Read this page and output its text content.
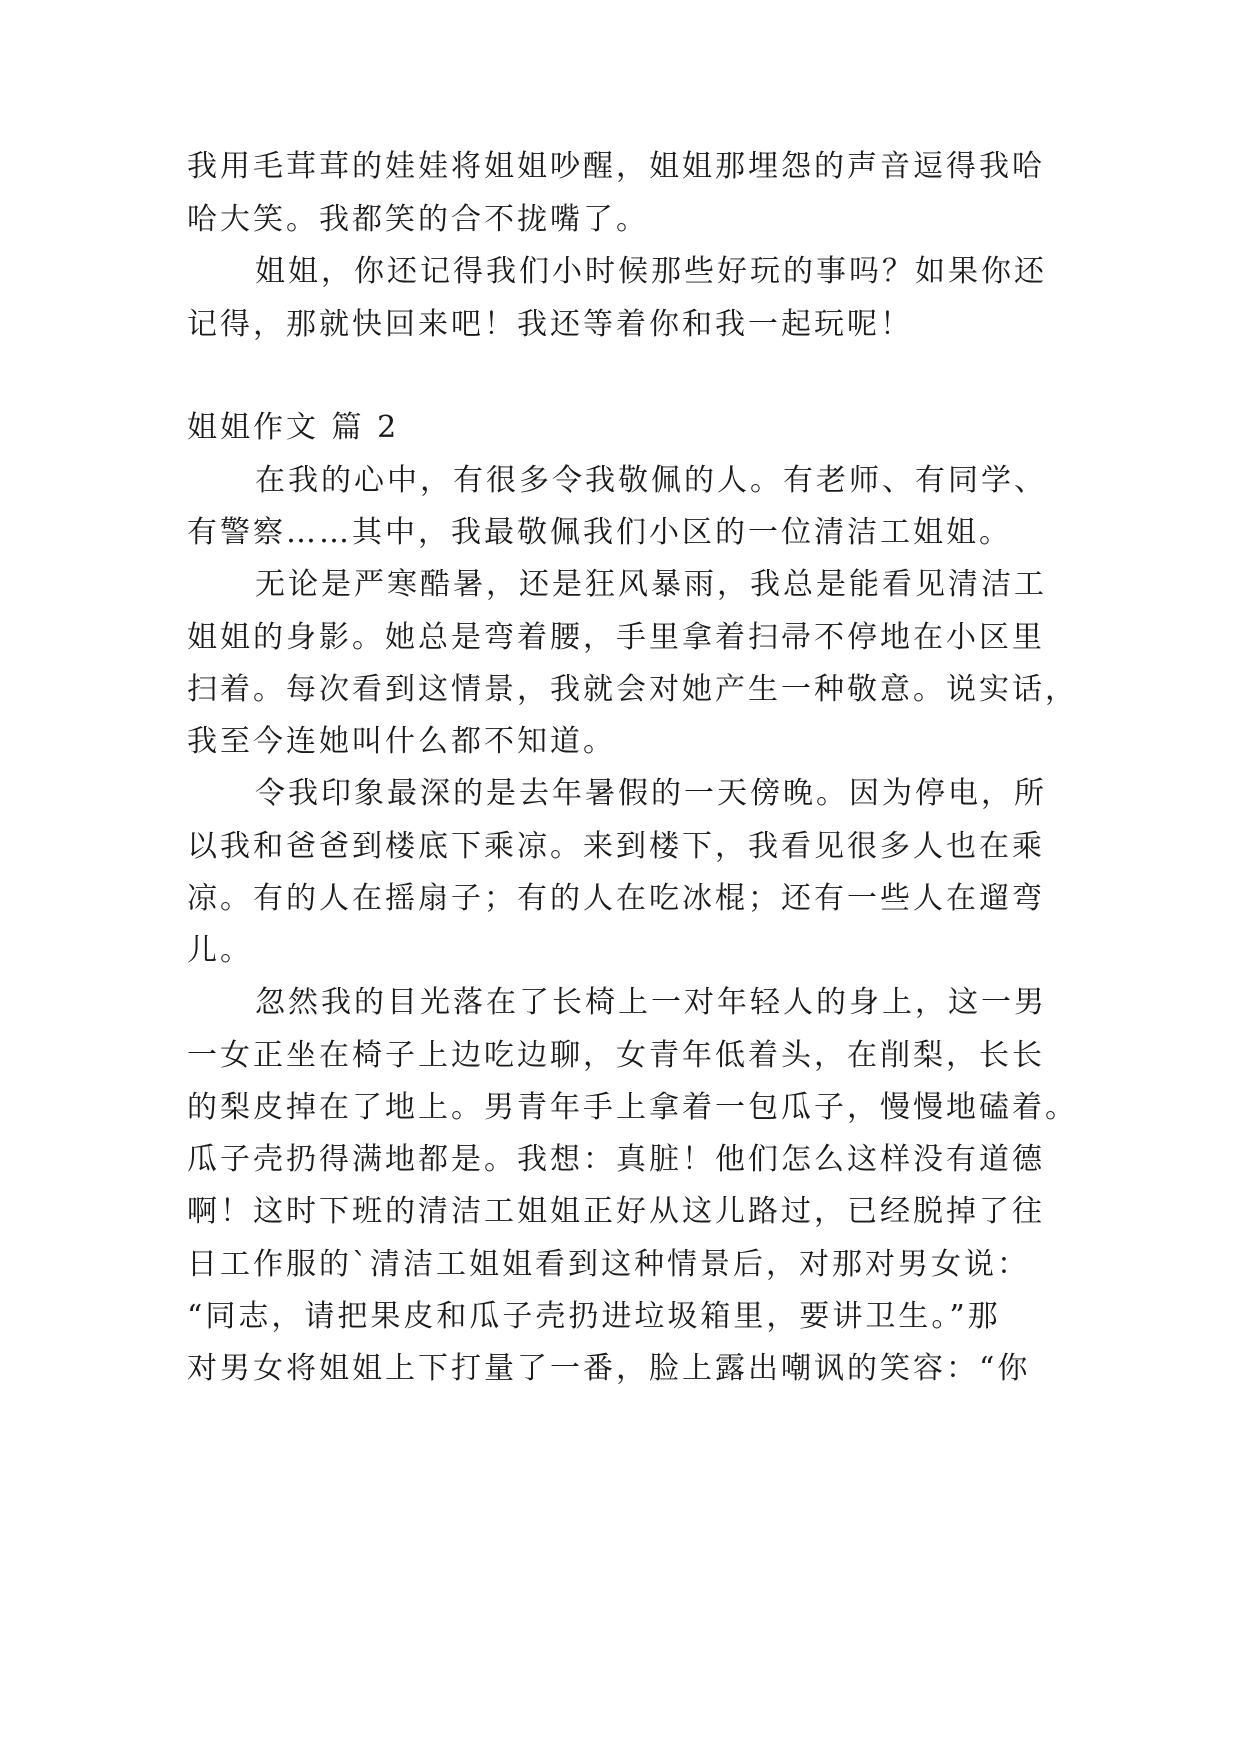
我用毛茸茸的娃娃将姐姐吵醒，姐姐那埋怨的声音逗得我哈

哈大笑。我都笑的合不拢嘴了。

姐姐，你还记得我们小时候那些好玩的事吗？如果你还

记得，那就快回来吧！我还等着你和我一起玩呢！

姐姐作文 篇 2

在我的心中，有很多令我敬佩的人。有老师、有同学、

有警察……其中，我最敬佩我们小区的一位清洁工姐姐。

无论是严寒酷暑，还是狂风暴雨，我总是能看见清洁工

姐姐的身影。她总是弯着腰，手里拿着扫帚不停地在小区里

扫着。每次看到这情景，我就会对她产生一种敬意。说实话，

我至今连她叫什么都不知道。

令我印象最深的是去年暑假的一天傍晚。因为停电，所

以我和爸爸到楼底下乘凉。来到楼下，我看见很多人也在乘

凉。有的人在摇扇子；有的人在吃冰棍；还有一些人在遛弯

儿。

忽然我的目光落在了长椅上一对年轻人的身上，这一男

一女正坐在椅子上边吃边聊，女青年低着头，在削梨，长长

的梨皮掉在了地上。男青年手上拿着一包瓜子，慢慢地磕着。

瓜子壳扔得满地都是。我想：真脏！他们怎么这样没有道德

啊！这时下班的清洁工姐姐正好从这儿路过，已经脱掉了往

日工作服的`清洁工姐姐看到这种情景后，对那对男女说：

“同志，请把果皮和瓜子壳扔进垃圾箱里，要讲卫生。”那

对男女将姐姐上下打量了一番，脸上露出嘲讽的笑容：“你
